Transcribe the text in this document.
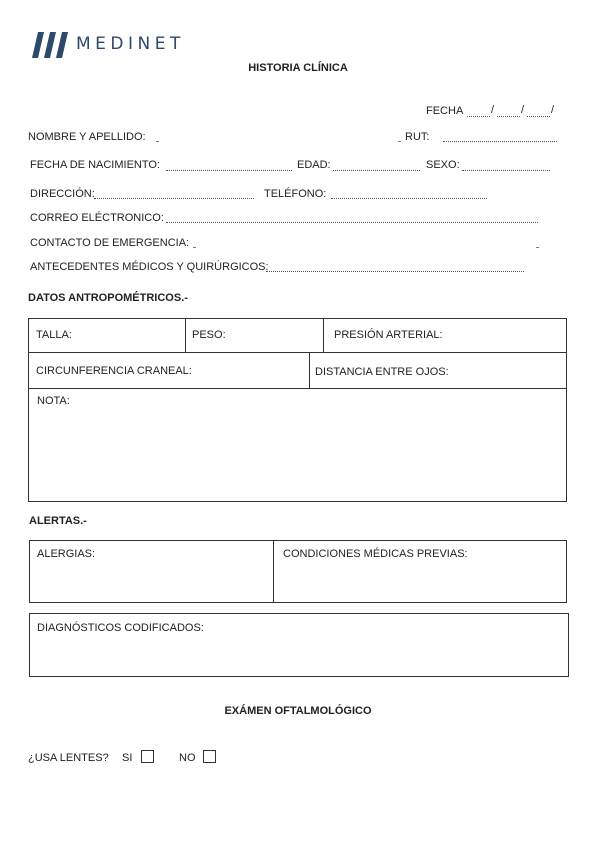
MEDINET
HISTORIA CLÍNICA
FECHA	/ / /
NOMBRE Y APELLIDO:	RUT:
FECHA DE NACIMIENTO:	EDAD:	SEXO:
DIRECCIÓN:	TELÉFONO:
CORREO ELÉCTRONICO:
CONTACTO DE EMERGENCIA:
ANTECEDENTES MÉDICOS Y QUIRÚRGICOS:
DATOS ANTROPOMÉTRICOS.-
TALLA:	PESO:	PRESIÓN ARTERIAL:
CIRCUNFERENCIA CRANEAL:	DISTANCIA ENTRE OJOS:
NOTA:
ALERTAS.-
ALERGIAS:	CONDICIONES MÉDICAS PREVIAS:
DIAGNÓSTICOS CODIFICADOS:
EXÁMEN OFTALMOLÓGICO
¿USA LENTES? SI	NO
